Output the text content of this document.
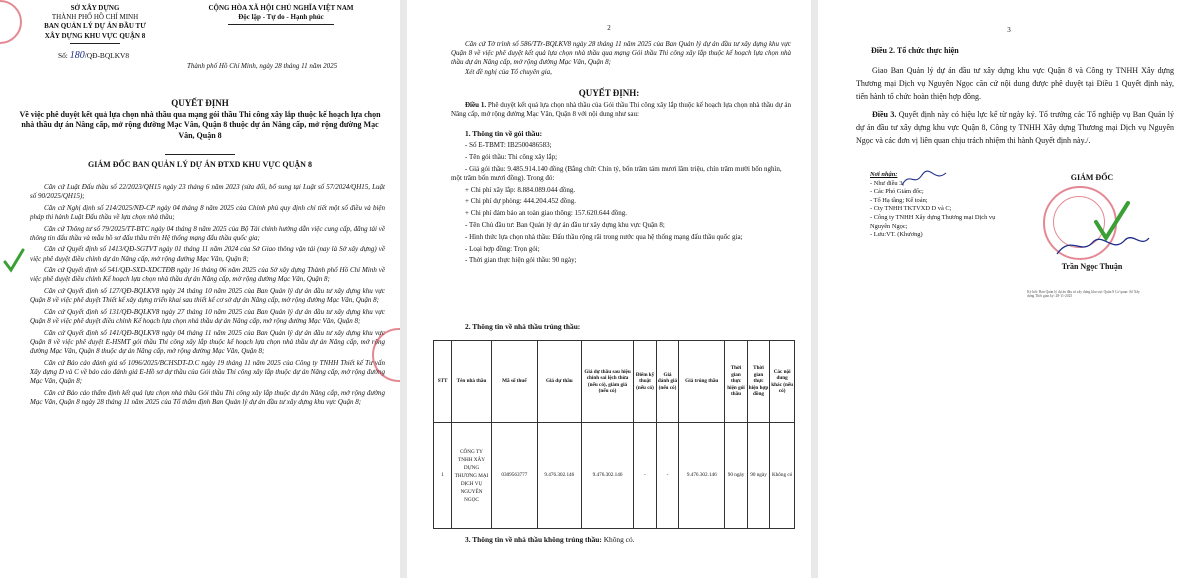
SỞ XÂY DỰNG
THÀNH PHỐ HỒ CHÍ MINH
BAN QUẢN LÝ DỰ ÁN ĐẦU TƯ
XÂY DỰNG KHU VỰC QUẬN 8
CỘNG HÒA XÃ HỘI CHỦ NGHĨA VIỆT NAM
Độc lập - Tự do - Hạnh phúc
Số: 180/QĐ-BQLKV8
Thành phố Hồ Chí Minh, ngày 28 tháng 11 năm 2025
QUYẾT ĐỊNH
Về việc phê duyệt kết quả lựa chọn nhà thầu qua mạng gói thầu Thi công xây lắp thuộc kế hoạch lựa chọn nhà thầu dự án Nâng cấp, mở rộng đường Mạc Vân, Quận 8 thuộc dự án Nâng cấp, mở rộng đường Mạc Vân, Quận 8
GIÁM ĐỐC BAN QUẢN LÝ DỰ ÁN ĐTXD KHU VỰC QUẬN 8
Căn cứ Luật Đấu thầu số 22/2023/QH15 ngày 23 tháng 6 năm 2023 (sửa đổi, bổ sung tại Luật số 57/2024/QH15, Luật số 90/2025/QH15);
Căn cứ Nghị định số 214/2025/NĐ-CP ngày 04 tháng 8 năm 2025 của Chính phủ quy định chi tiết một số điều và biện pháp thi hành Luật Đấu thầu về lựa chọn nhà thầu;
Căn cứ Thông tư số 79/2025/TT-BTC ngày 04 tháng 8 năm 2025 của Bộ Tài chính hướng dẫn việc cung cấp, đăng tải về thông tin đấu thầu và mẫu hồ sơ đấu thầu trên Hệ thống mạng đấu thầu quốc gia;
Căn cứ Quyết định số 1413/QĐ-SGTVT ngày 01 tháng 11 năm 2024 của Sở Giao thông vận tải (nay là Sở xây dựng) về việc phê duyệt điều chỉnh dự án Nâng cấp, mở rộng đường Mạc Vân, Quận 8;
Căn cứ Quyết định số 541/QĐ-SXD-XDCTĐB ngày 16 tháng 06 năm 2025 của Sở xây dựng Thành phố Hồ Chí Minh về việc phê duyệt điều chỉnh Kế hoạch lựa chọn nhà thầu dự án Nâng cấp, mở rộng đường Mạc Vân, Quận 8;
Căn cứ Quyết định số 127/QĐ-BQLKV8 ngày 24 tháng 10 năm 2025 của Ban Quản lý dự án đầu tư xây dựng khu vực Quận 8 về việc phê duyệt Thiết kế xây dựng triển khai sau thiết kế cơ sở dự án Nâng cấp, mở rộng đường Mạc Vân, Quận 8;
Căn cứ Quyết định số 131/QĐ-BQLKV8 ngày 27 tháng 10 năm 2025 của Ban Quản lý dự án đầu tư xây dựng khu vực Quận 8 về việc phê duyệt điều chỉnh Kế hoạch lựa chọn nhà thầu dự án Nâng cấp, mở rộng đường Mạc Vân, Quận 8;
Căn cứ Quyết định số 141/QĐ-BQLKV8 ngày 04 tháng 11 năm 2025 của Ban Quản lý dự án đầu tư xây dựng khu vực Quận 8 về việc phê duyệt E-HSMT gói thầu Thi công xây lắp thuộc kế hoạch lựa chọn nhà thầu dự án Nâng cấp, mở rộng đường Mạc Vân, Quận 8 thuộc dự án Nâng cấp, mở rộng đường Mạc Vân, Quận 8;
Căn cứ Báo cáo đánh giá số 1096/2025/BCHSDT-D.C ngày 19 tháng 11 năm 2025 của Công ty TNHH Thiết kế Tư vấn Xây dựng D và C về báo cáo đánh giá E-Hồ sơ dự thầu của Gói thầu Thi công xây lắp thuộc dự án Nâng cấp, mở rộng đường Mạc Vân, Quận 8;
Căn cứ Báo cáo thẩm định kết quả lựa chọn nhà thầu Gói thầu Thi công xây lắp thuộc dự án Nâng cấp, mở rộng đường Mạc Vân, Quận 8 ngày 28 tháng 11 năm 2025 của Tổ thẩm định Ban Quản lý dự án đầu tư xây dựng khu vực Quận 8;
2
Căn cứ Tờ trình số 586/TTr-BQLKV8 ngày 28 tháng 11 năm 2025 của Ban Quản lý dự án đầu tư xây dựng khu vực Quận 8 về việc phê duyệt kết quả lựa chọn nhà thầu qua mạng Gói thầu Thi công xây lắp thuộc kế hoạch lựa chọn nhà thầu dự án Nâng cấp, mở rộng đường Mạc Vân, Quận 8;
Xét đề nghị của Tổ chuyên gia,
QUYẾT ĐỊNH:
Điều 1. Phê duyệt kết quả lựa chọn nhà thầu của Gói thầu Thi công xây lắp thuộc kế hoạch lựa chọn nhà thầu dự án Nâng cấp, mở rộng đường Mạc Vân, Quận 8 với nội dung như sau:
1. Thông tin về gói thầu:
- Số E-TBMT: IB2500486583;
- Tên gói thầu: Thi công xây lắp;
- Giá gói thầu: 9.485.914.140 đồng (Bằng chữ: Chín tỷ, bốn trăm tám mươi lăm triệu, chín trăm mười bốn nghìn, một trăm bốn mươi đồng). Trong đó:
+ Chi phí xây lắp: 8.884.089.044 đồng.
+ Chi phí dự phòng: 444.204.452 đồng.
+ Chi phí đảm bảo an toàn giao thông: 157.620.644 đồng.
- Tên Chủ đầu tư: Ban Quản lý dự án đầu tư xây dựng khu vực Quận 8;
- Hình thức lựa chọn nhà thầu: Đấu thầu rộng rãi trong nước qua hệ thống mạng đấu thầu quốc gia;
- Loại hợp đồng: Trọn gói;
- Thời gian thực hiện gói thầu: 90 ngày;
2. Thông tin về nhà thầu trúng thầu:
STT	Tên nhà thầu	Mã số thuế	Giá dự thầu	Giá dự thầu sau hiệu chỉnh sai lệch thừa (nếu có), giảm giá (nếu có)	Điểm kỹ thuật (nếu có)	Giá đánh giá (nếu có)	Giá trúng thầu	Thời gian thực hiện gói thầu	Thời gian thực hiện hợp đồng	Các nội dung khác (nếu có)
1	CÔNG TY TNHH XÂY DỰNG THƯƠNG MẠI DỊCH VỤ NGUYÊN NGỌC	0309563777	9.476.302.146	9.476.302.146	-	-	9.476.302.146	90 ngày	90 ngày	Không có
3. Thông tin về nhà thầu không trúng thầu: Không có.
3
Điều 2. Tổ chức thực hiện
Giao Ban Quản lý dự án đầu tư xây dựng khu vực Quận 8 và Công ty TNHH Xây dựng Thương mại Dịch vụ Nguyên Ngọc căn cứ nội dung được phê duyệt tại Điều 1 Quyết định này, tiến hành tổ chức hoàn thiện hợp đồng.
Điều 3. Quyết định này có hiệu lực kể từ ngày ký. Tổ trưởng các Tổ nghiệp vụ Ban Quản lý dự án đầu tư xây dựng khu vực Quận 8, Công ty TNHH Xây dựng Thương mại Dịch vụ Nguyên Ngọc và các đơn vị liên quan chịu trách nhiệm thi hành Quyết định này./.
Nơi nhận:
- Như điều 3;
- Các Phó Giám đốc;
- Tổ Hạ tầng; Kế toán;
- Cty TNHH TKTVXD D và C;
- Công ty TNHH Xây dựng Thương mại Dịch vụ Nguyên Ngọc;
- Lưu:VT. (Khương)
GIÁM ĐỐC
Trần Ngọc Thuận
Ký bởi: Ban Quản lý dự án đầu tư xây dựng khu vực Quận 8 Cơ quan: Sở Xây dựng Thời gian ký: 28-11-2025
